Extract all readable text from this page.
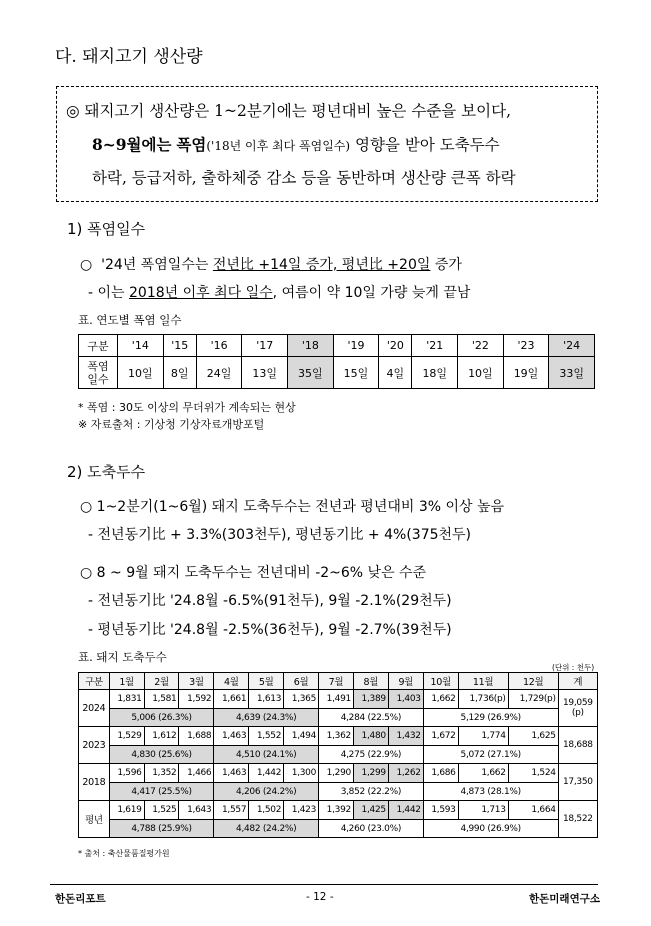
다. 돼지고기 생산량
◎ 돼지고기 생산량은 1~2분기에는 평년대비 높은 수준을 보이다,
8~9월에는 폭염('18년 이후 최다 폭염일수) 영향을 받아 도축두수
하락, 등급저하, 출하체중 감소 등을 동반하며 생산량 큰폭 하락
1) 폭염일수
○ '24년 폭염일수는 전년比 +14일 증가, 평년比 +20일 증가
- 이는 2018년 이후 최다 일수, 여름이 약 10일 가량 늦게 끝남
표. 연도별 폭염 일수
구분	'14	'15	'16	'17	'18	'19	'20	'21	'22	'23	'24
폭염
일수	10일	8일	24일	13일	35일	15일	4일	18일	10일	19일	33일
* 폭염 : 30도 이상의 무더위가 계속되는 현상
※ 자료출처 : 기상청 기상자료개방포털
2) 도축두수
○ 1~2분기(1~6월) 돼지 도축두수는 전년과 평년대비 3% 이상 높음
- 전년동기比 + 3.3%(303천두), 평년동기比 + 4%(375천두)
○ 8 ~ 9월 돼지 도축두수는 전년대비 -2~6% 낮은 수준
- 전년동기比 '24.8월 -6.5%(91천두), 9월 -2.1%(29천두)
- 평년동기比 '24.8월 -2.5%(36천두), 9월 -2.7%(39천두)
표. 돼지 도축두수
(단위 : 천두)
구분	1월	2월	3월	4월	5월	6월	7월	8월	9월	10월	11월	12월	계
2024	1,831	1,581	1,592	1,661	1,613	1,365	1,491	1,389	1,403	1,662	1,736(p)	1,729(p)	19,059
(p)

	5,006 (26.3%)			4,639 (24.3%)			4,284 (22.5%)			5,129 (26.9%)			
2023	1,529	1,612	1,688	1,463	1,552	1,494	1,362	1,480	1,432	1,672	1,774	1,625	18,688

	4,830 (25.6%)			4,510 (24.1%)			4,275 (22.9%)			5,072 (27.1%)			
2018	1,596	1,352	1,466	1,463	1,442	1,300	1,290	1,299	1,262	1,686	1,662	1,524	17,350

	4,417 (25.5%)			4,206 (24.2%)			3,852 (22.2%)			4,873 (28.1%)			
평년	1,619	1,525	1,643	1,557	1,502	1,423	1,392	1,425	1,442	1,593	1,713	1,664	18,522

	4,788 (25.9%)			4,482 (24.2%)			4,260 (23.0%)			4,990 (26.9%)			
* 출처 : 축산물품질평가원
한돈리포트	- 12 -	한돈미래연구소
